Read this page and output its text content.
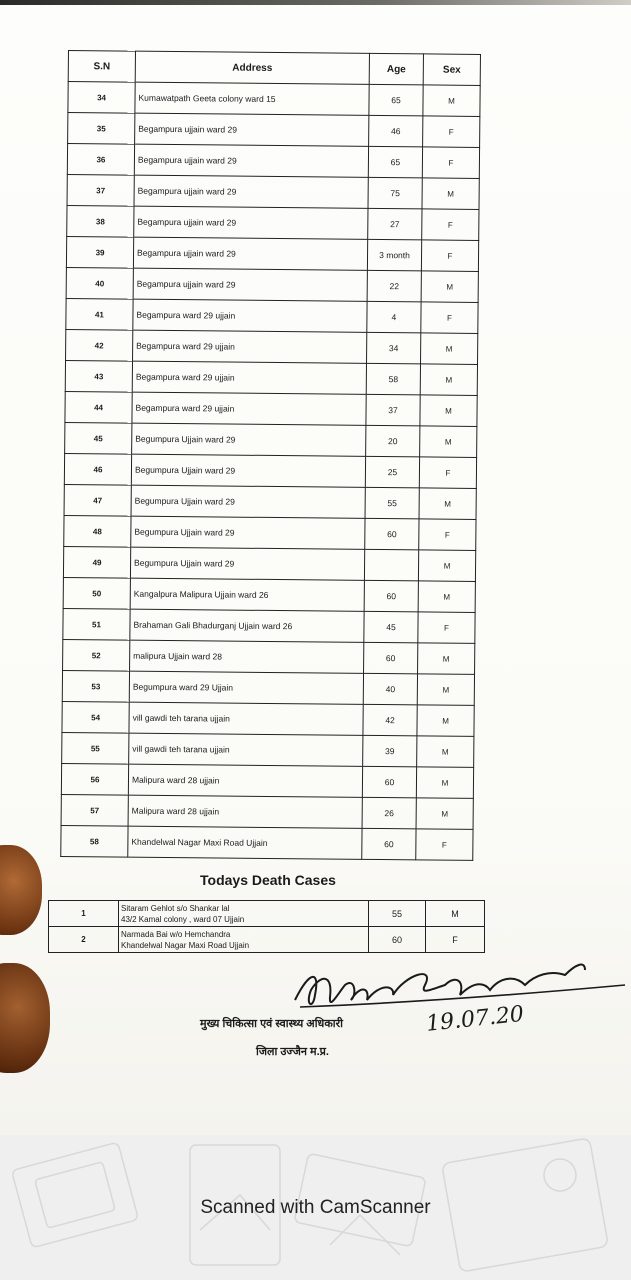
S.N	Address	Age	Sex
34	Kumawatpath Geeta colony ward 15	65	M
35	Begampura ujjain ward 29	46	F
36	Begampura ujjain ward 29	65	F
37	Begampura ujjain ward 29	75	M
38	Begampura ujjain ward 29	27	F
39	Begampura ujjain ward 29	3 month	F
40	Begampura ujjain ward 29	22	M
41	Begampura ward 29 ujjain	4	F
42	Begampura ward 29 ujjain	34	M
43	Begampura ward 29 ujjain	58	M
44	Begampura ward 29 ujjain	37	M
45	Begumpura Ujjain ward 29	20	M
46	Begumpura Ujjain ward 29	25	F
47	Begumpura Ujjain ward 29	55	M
48	Begumpura Ujjain ward 29	60	F
49	Begumpura Ujjain ward 29		M
50	Kangalpura Malipura Ujjain ward 26	60	M
51	Brahaman Gali Bhadurganj Ujjain ward 26	45	F
52	malipura Ujjain ward 28	60	M
53	Begumpura ward 29 Ujjain	40	M
54	vill gawdi teh tarana ujjain	42	M
55	vill gawdi teh tarana ujjain	39	M
56	Malipura ward 28 ujjain	60	M
57	Malipura ward 28 ujjain	26	M
58	Khandelwal Nagar Maxi Road Ujjain	60	F
Todays Death Cases
1	Sitaram Gehlot s/o Shankar lal
43/2 Kamal colony , ward 07 Ujjain	55	M
2	Narmada Bai w/o Hemchandra
Khandelwal Nagar Maxi Road Ujjain	60	F
मुख्य चिकित्सा एवं स्वास्थ्य अधिकारी
जिला उज्जैन म.प्र.
19.07.20
Scanned with CamScanner
